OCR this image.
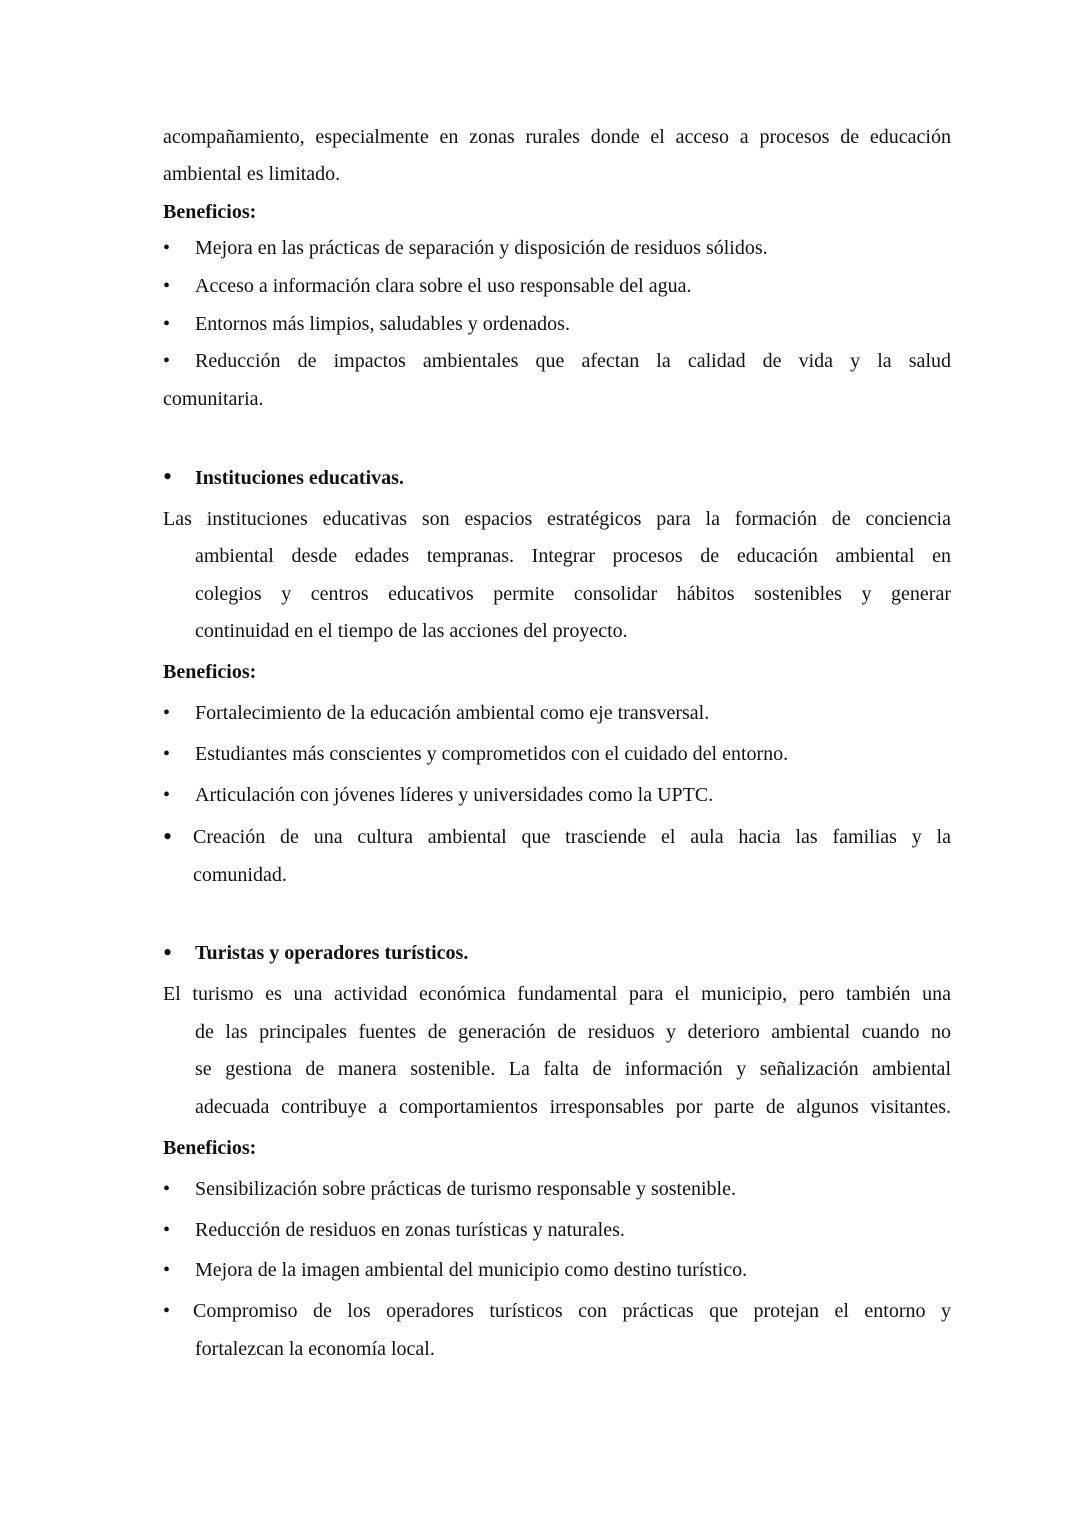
acompañamiento, especialmente en zonas rurales donde el acceso a procesos de educación
ambiental es limitado.
Beneficios:
• Mejora en las prácticas de separación y disposición de residuos sólidos.
• Acceso a información clara sobre el uso responsable del agua.
• Entornos más limpios, saludables y ordenados.
• Reducción de impactos ambientales que afectan la calidad de vida y la salud
comunitaria.
• Instituciones educativas.
Las instituciones educativas son espacios estratégicos para la formación de conciencia
ambiental desde edades tempranas. Integrar procesos de educación ambiental en
colegios y centros educativos permite consolidar hábitos sostenibles y generar
continuidad en el tiempo de las acciones del proyecto.
Beneficios:
• Fortalecimiento de la educación ambiental como eje transversal.
• Estudiantes más conscientes y comprometidos con el cuidado del entorno.
• Articulación con jóvenes líderes y universidades como la UPTC.
• Creación de una cultura ambiental que trasciende el aula hacia las familias y la
comunidad.
• Turistas y operadores turísticos.
El turismo es una actividad económica fundamental para el municipio, pero también una
de las principales fuentes de generación de residuos y deterioro ambiental cuando no
se gestiona de manera sostenible. La falta de información y señalización ambiental
adecuada contribuye a comportamientos irresponsables por parte de algunos visitantes.
Beneficios:
• Sensibilización sobre prácticas de turismo responsable y sostenible.
• Reducción de residuos en zonas turísticas y naturales.
• Mejora de la imagen ambiental del municipio como destino turístico.
• Compromiso de los operadores turísticos con prácticas que protejan el entorno y
fortalezcan la economía local.
